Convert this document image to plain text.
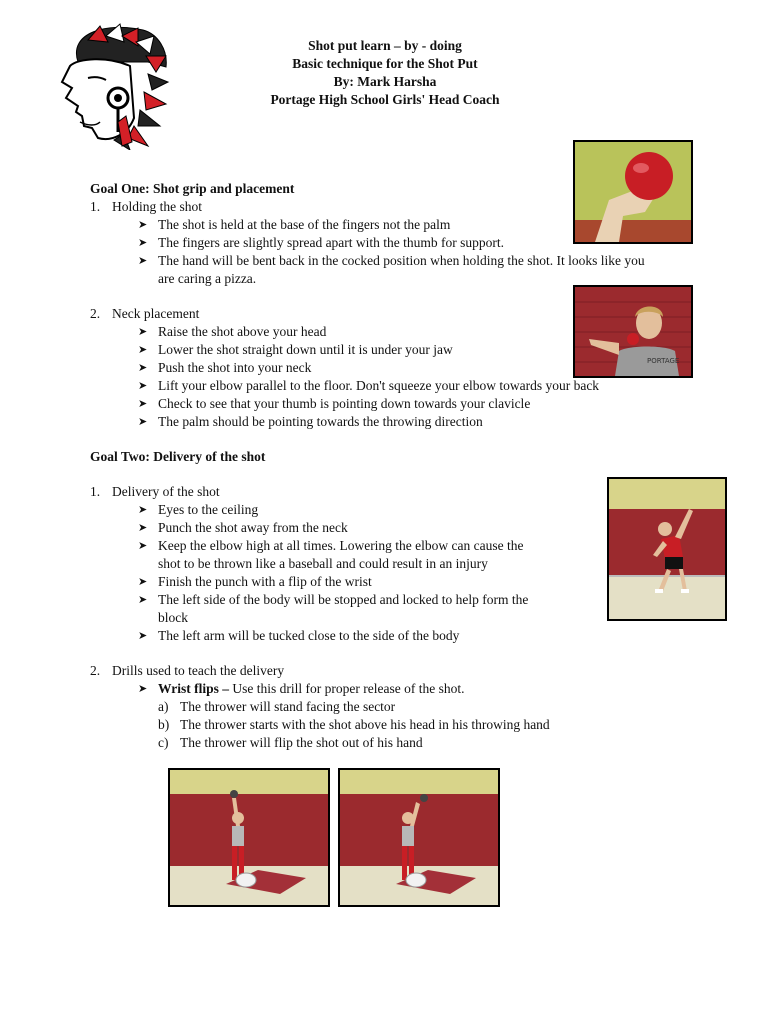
Shot put learn – by - doing
Basic technique for the Shot Put
By: Mark Harsha
Portage High School Girls' Head Coach
PORTAGE
Goal One: Shot grip and placement
1. Holding the shot
➤ The shot is held at the base of the fingers not the palm
➤ The fingers are slightly spread apart with the thumb for support.
➤ The hand will be bent back in the cocked position when holding the shot. It looks like you
are caring a pizza.
2. Neck placement
➤ Raise the shot above your head
➤ Lower the shot straight down until it is under your jaw
➤ Push the shot into your neck
➤ Lift your elbow parallel to the floor. Don't squeeze your elbow towards your back
➤ Check to see that your thumb is pointing down towards your clavicle
➤ The palm should be pointing towards the throwing direction
Goal Two: Delivery of the shot
1. Delivery of the shot
➤ Eyes to the ceiling
➤ Punch the shot away from the neck
➤ Keep the elbow high at all times. Lowering the elbow can cause the
shot to be thrown like a baseball and could result in an injury
➤ Finish the punch with a flip of the wrist
➤ The left side of the body will be stopped and locked to help form the
block
➤ The left arm will be tucked close to the side of the body
2. Drills used to teach the delivery
➤ Wrist flips – Use this drill for proper release of the shot.
a) The thrower will stand facing the sector
b) The thrower starts with the shot above his head in his throwing hand
c) The thrower will flip the shot out of his hand
